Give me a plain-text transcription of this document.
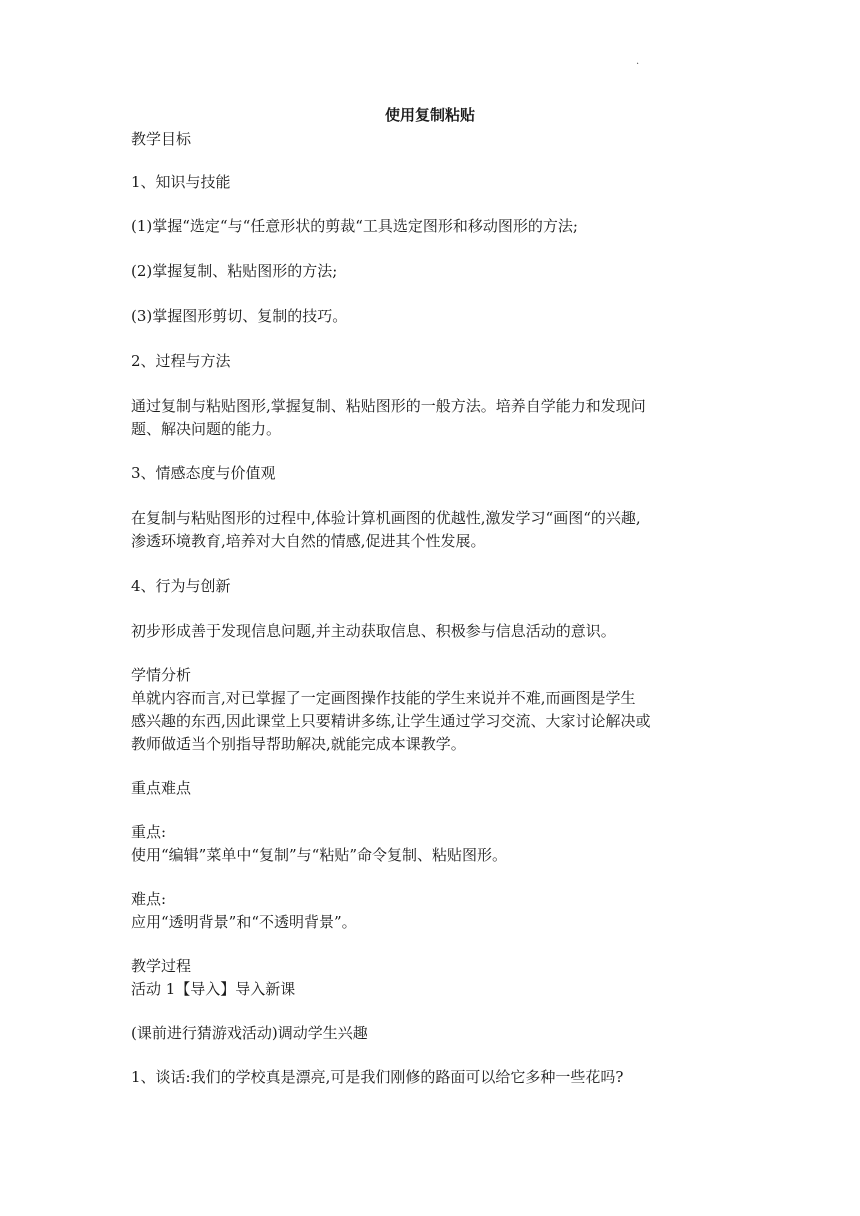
.
使用复制粘贴
教学目标
1、知识与技能
(1)掌握“选定“与“任意形状的剪裁“工具选定图形和移动图形的方法;
(2)掌握复制、粘贴图形的方法;
(3)掌握图形剪切、复制的技巧。
2、过程与方法
通过复制与粘贴图形,掌握复制、粘贴图形的一般方法。培养自学能力和发现问
题、解决问题的能力。
3、情感态度与价值观
在复制与粘贴图形的过程中,体验计算机画图的优越性,激发学习“画图“的兴趣,
渗透环境教育,培养对大自然的情感,促进其个性发展。
4、行为与创新
初步形成善于发现信息问题,并主动获取信息、积极参与信息活动的意识。
学情分析
单就内容而言,对已掌握了一定画图操作技能的学生来说并不难,而画图是学生
感兴趣的东西,因此课堂上只要精讲多练,让学生通过学习交流、大家讨论解决或
教师做适当个别指导帮助解决,就能完成本课教学。
重点难点
重点:
使用“编辑”菜单中“复制”与“粘贴”命令复制、粘贴图形。
难点:
应用“透明背景”和“不透明背景”。
教学过程
活动 1【导入】导入新课
(课前进行猜游戏活动)调动学生兴趣
1、谈话:我们的学校真是漂亮,可是我们刚修的路面可以给它多种一些花吗?
